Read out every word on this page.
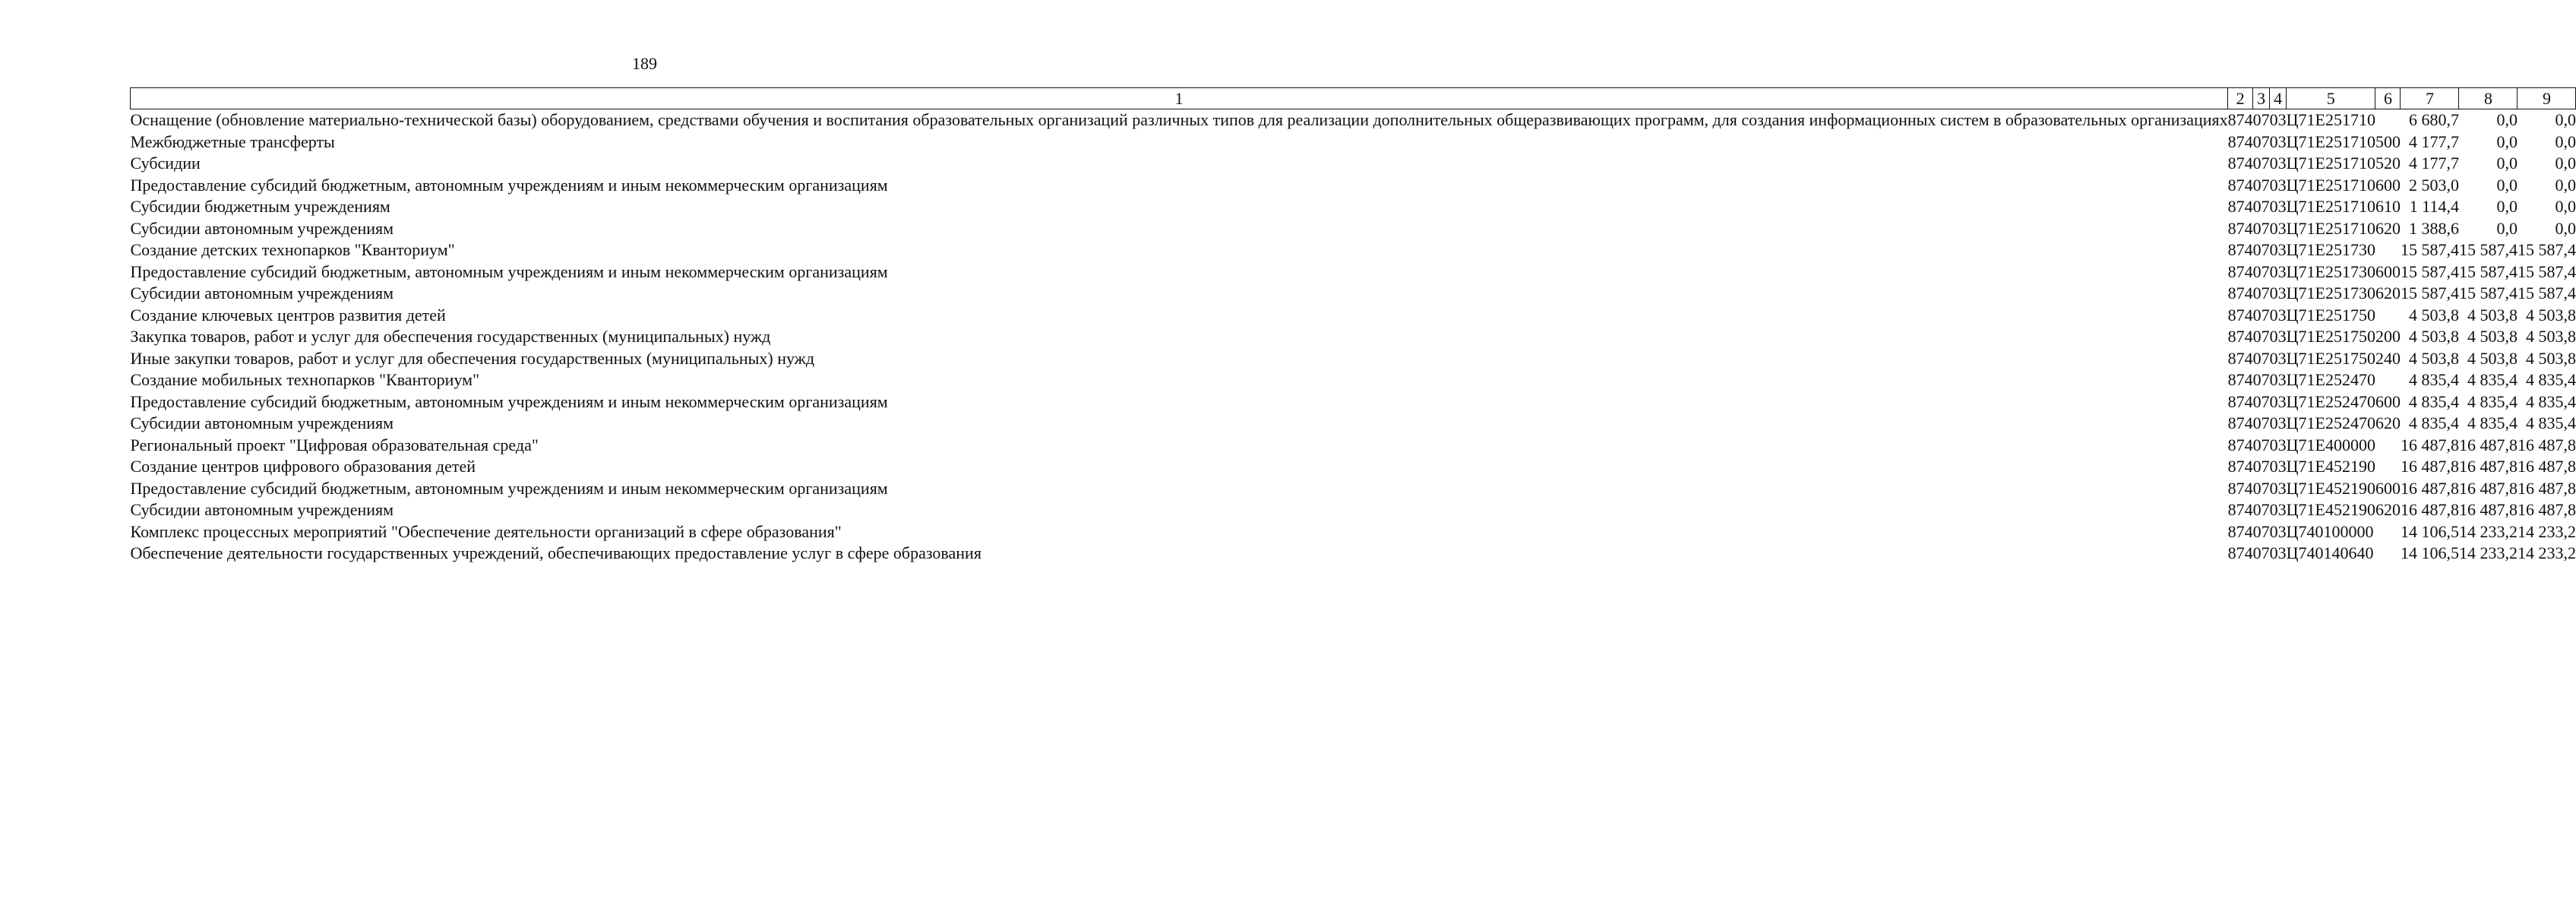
189
1	2	3	4	5	6	7	8	9
Оснащение (обновление материально-технической базы) оборудованием, средствами обучения и воспитания образовательных организаций различных типов для реализации дополнительных общеразвивающих программ, для создания информационных систем в образовательных организациях	874	07	03	Ц71Е251710		6 680,7	0,0	0,0
Межбюджетные трансферты	874	07	03	Ц71Е251710	500	4 177,7	0,0	0,0
Субсидии	874	07	03	Ц71Е251710	520	4 177,7	0,0	0,0
Предоставление субсидий бюджетным, автономным учреждениям и иным некоммерческим организациям	874	07	03	Ц71Е251710	600	2 503,0	0,0	0,0
Субсидии бюджетным учреждениям	874	07	03	Ц71Е251710	610	1 114,4	0,0	0,0
Субсидии автономным учреждениям	874	07	03	Ц71Е251710	620	1 388,6	0,0	0,0
Создание детских технопарков "Кванториум"	874	07	03	Ц71Е251730		15 587,4	15 587,4	15 587,4
Предоставление субсидий бюджетным, автономным учреждениям и иным некоммерческим организациям	874	07	03	Ц71Е251730	600	15 587,4	15 587,4	15 587,4
Субсидии автономным учреждениям	874	07	03	Ц71Е251730	620	15 587,4	15 587,4	15 587,4
Создание ключевых центров развития детей	874	07	03	Ц71Е251750		4 503,8	4 503,8	4 503,8
Закупка товаров, работ и услуг для обеспечения государственных (муниципальных) нужд	874	07	03	Ц71Е251750	200	4 503,8	4 503,8	4 503,8
Иные закупки товаров, работ и услуг для обеспечения государственных (муниципальных) нужд	874	07	03	Ц71Е251750	240	4 503,8	4 503,8	4 503,8
Создание мобильных технопарков "Кванториум"	874	07	03	Ц71Е252470		4 835,4	4 835,4	4 835,4
Предоставление субсидий бюджетным, автономным учреждениям и иным некоммерческим организациям	874	07	03	Ц71Е252470	600	4 835,4	4 835,4	4 835,4
Субсидии автономным учреждениям	874	07	03	Ц71Е252470	620	4 835,4	4 835,4	4 835,4
Региональный проект "Цифровая образовательная среда"	874	07	03	Ц71Е400000		16 487,8	16 487,8	16 487,8
Создание центров цифрового образования детей	874	07	03	Ц71Е452190		16 487,8	16 487,8	16 487,8
Предоставление субсидий бюджетным, автономным учреждениям и иным некоммерческим организациям	874	07	03	Ц71Е452190	600	16 487,8	16 487,8	16 487,8
Субсидии автономным учреждениям	874	07	03	Ц71Е452190	620	16 487,8	16 487,8	16 487,8
Комплекс процессных мероприятий "Обеспечение деятельности организаций в сфере образования"	874	07	03	Ц740100000		14 106,5	14 233,2	14 233,2
Обеспечение деятельности государственных учреждений, обеспечивающих предоставление услуг в сфере образования	874	07	03	Ц740140640		14 106,5	14 233,2	14 233,2
